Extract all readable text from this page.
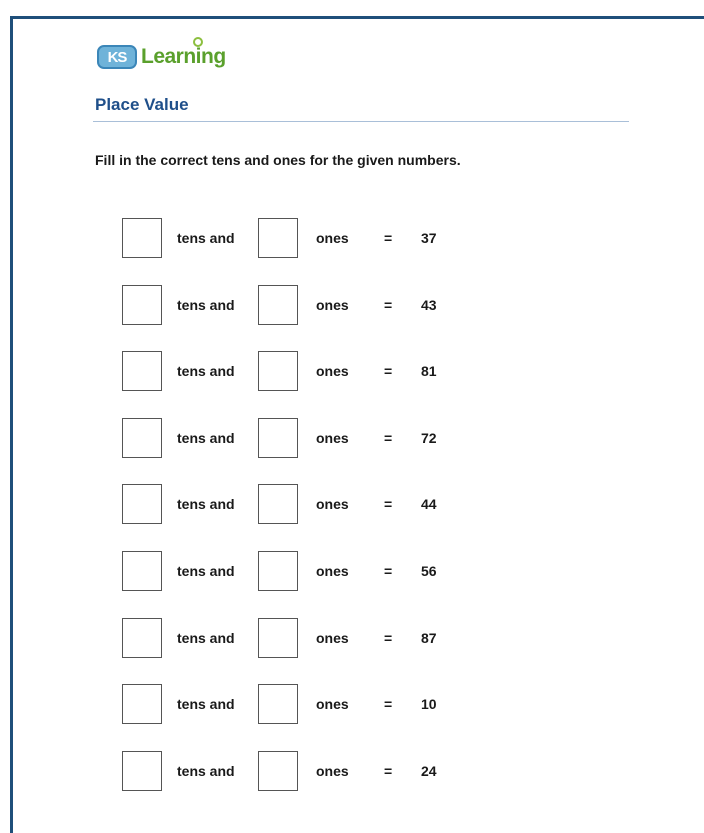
KS Learning
Place Value
Fill in the correct tens and ones for the given numbers.
tens and	ones	= 37
tens and	ones	= 43
tens and	ones	= 81
tens and	ones	= 72
tens and	ones	= 44
tens and	ones	= 56
tens and	ones	= 87
tens and	ones	= 10
tens and	ones	= 24
